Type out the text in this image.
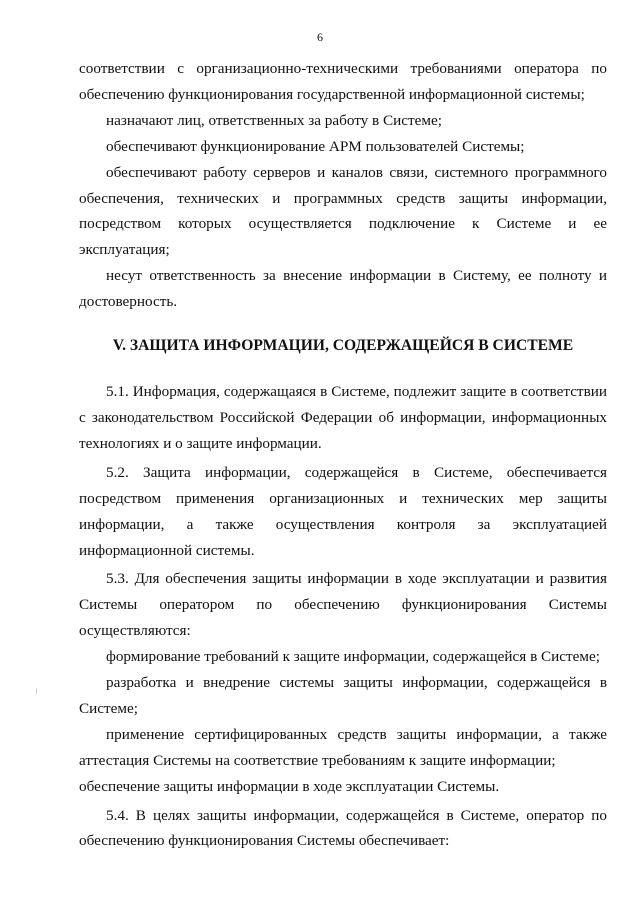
6

соответствии с организационно-техническими требованиями оператора по обеспечению функционирования государственной информационной системы;

назначают лиц, ответственных за работу в Системе;

обеспечивают функционирование АРМ пользователей Системы;

обеспечивают работу серверов и каналов связи, системного программного обеспечения, технических и программных средств защиты информации, посредством которых осуществляется подключение к Системе и ее эксплуатация;

несут ответственность за внесение информации в Систему, ее полноту и достоверность.

V. ЗАЩИТА ИНФОРМАЦИИ, СОДЕРЖАЩЕЙСЯ В СИСТЕМЕ

5.1. Информация, содержащаяся в Системе, подлежит защите в соответствии с законодательством Российской Федерации об информации, информационных технологиях и о защите информации.

5.2. Защита информации, содержащейся в Системе, обеспечивается посредством применения организационных и технических мер защиты информации, а также осуществления контроля за эксплуатацией информационной системы.

5.3. Для обеспечения защиты информации в ходе эксплуатации и развития Системы оператором по обеспечению функционирования Системы осуществляются:

формирование требований к защите информации, содержащейся в Системе;

разработка и внедрение системы защиты информации, содержащейся в Системе;

применение сертифицированных средств защиты информации, а также аттестация Системы на соответствие требованиям к защите информации;

обеспечение защиты информации в ходе эксплуатации Системы.

5.4. В целях защиты информации, содержащейся в Системе, оператор по обеспечению функционирования Системы обеспечивает:
